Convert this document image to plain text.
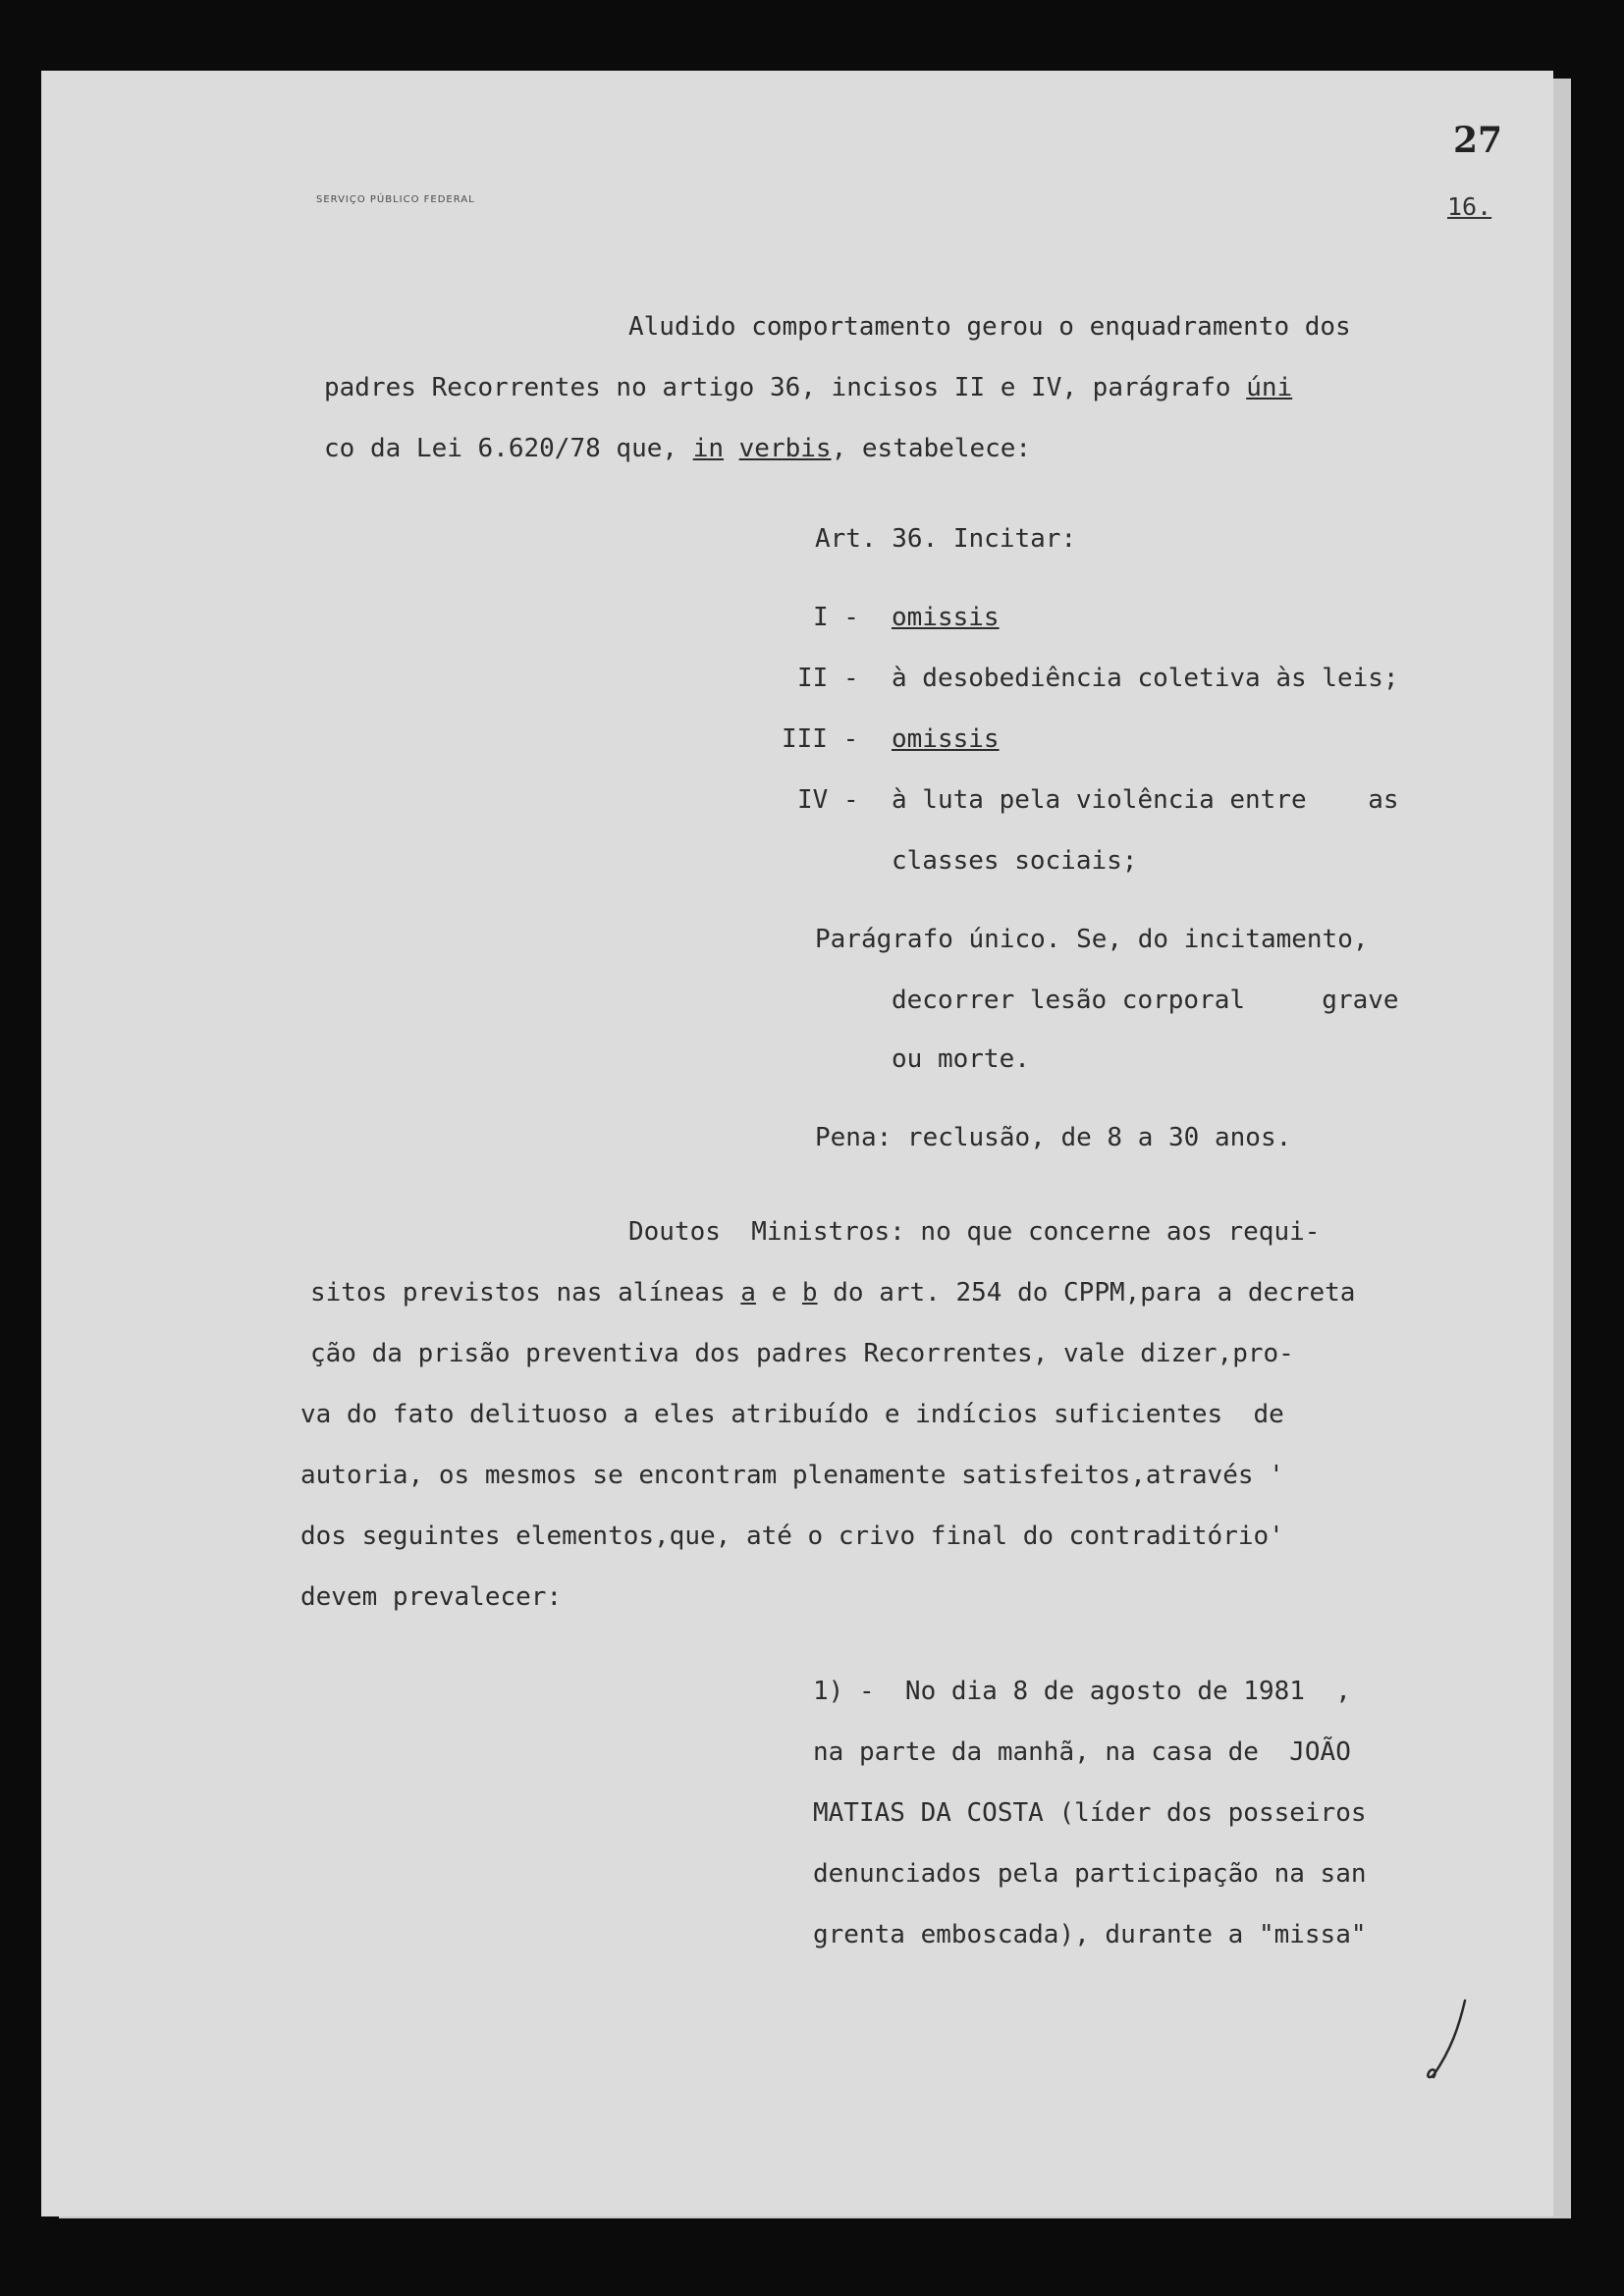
SERVIÇO PÚBLICO FEDERAL
27
16.
Aludido comportamento gerou o enquadramento dos
padres Recorrentes no artigo 36, incisos II e IV, parágrafo úni
co da Lei 6.620/78 que, in verbis, estabelece:
Art. 36. Incitar:
I - omissis
II - à desobediência coletiva às leis;
III - omissis
IV - à luta pela violência entre    as
classes sociais;
Parágrafo único. Se, do incitamento,
decorrer lesão corporal     grave
ou morte.
Pena: reclusão, de 8 a 30 anos.
Doutos  Ministros: no que concerne aos requi-
sitos previstos nas alíneas a e b do art. 254 do CPPM,para a decreta
ção da prisão preventiva dos padres Recorrentes, vale dizer,pro-
va do fato delituoso a eles atribuído e indícios suficientes  de
autoria, os mesmos se encontram plenamente satisfeitos,através '
dos seguintes elementos,que, até o crivo final do contraditório'
devem prevalecer:
1) -  No dia 8 de agosto de 1981  ,
na parte da manhã, na casa de  JOÃO
MATIAS DA COSTA (líder dos posseiros
denunciados pela participação na san
grenta emboscada), durante a "missa"
